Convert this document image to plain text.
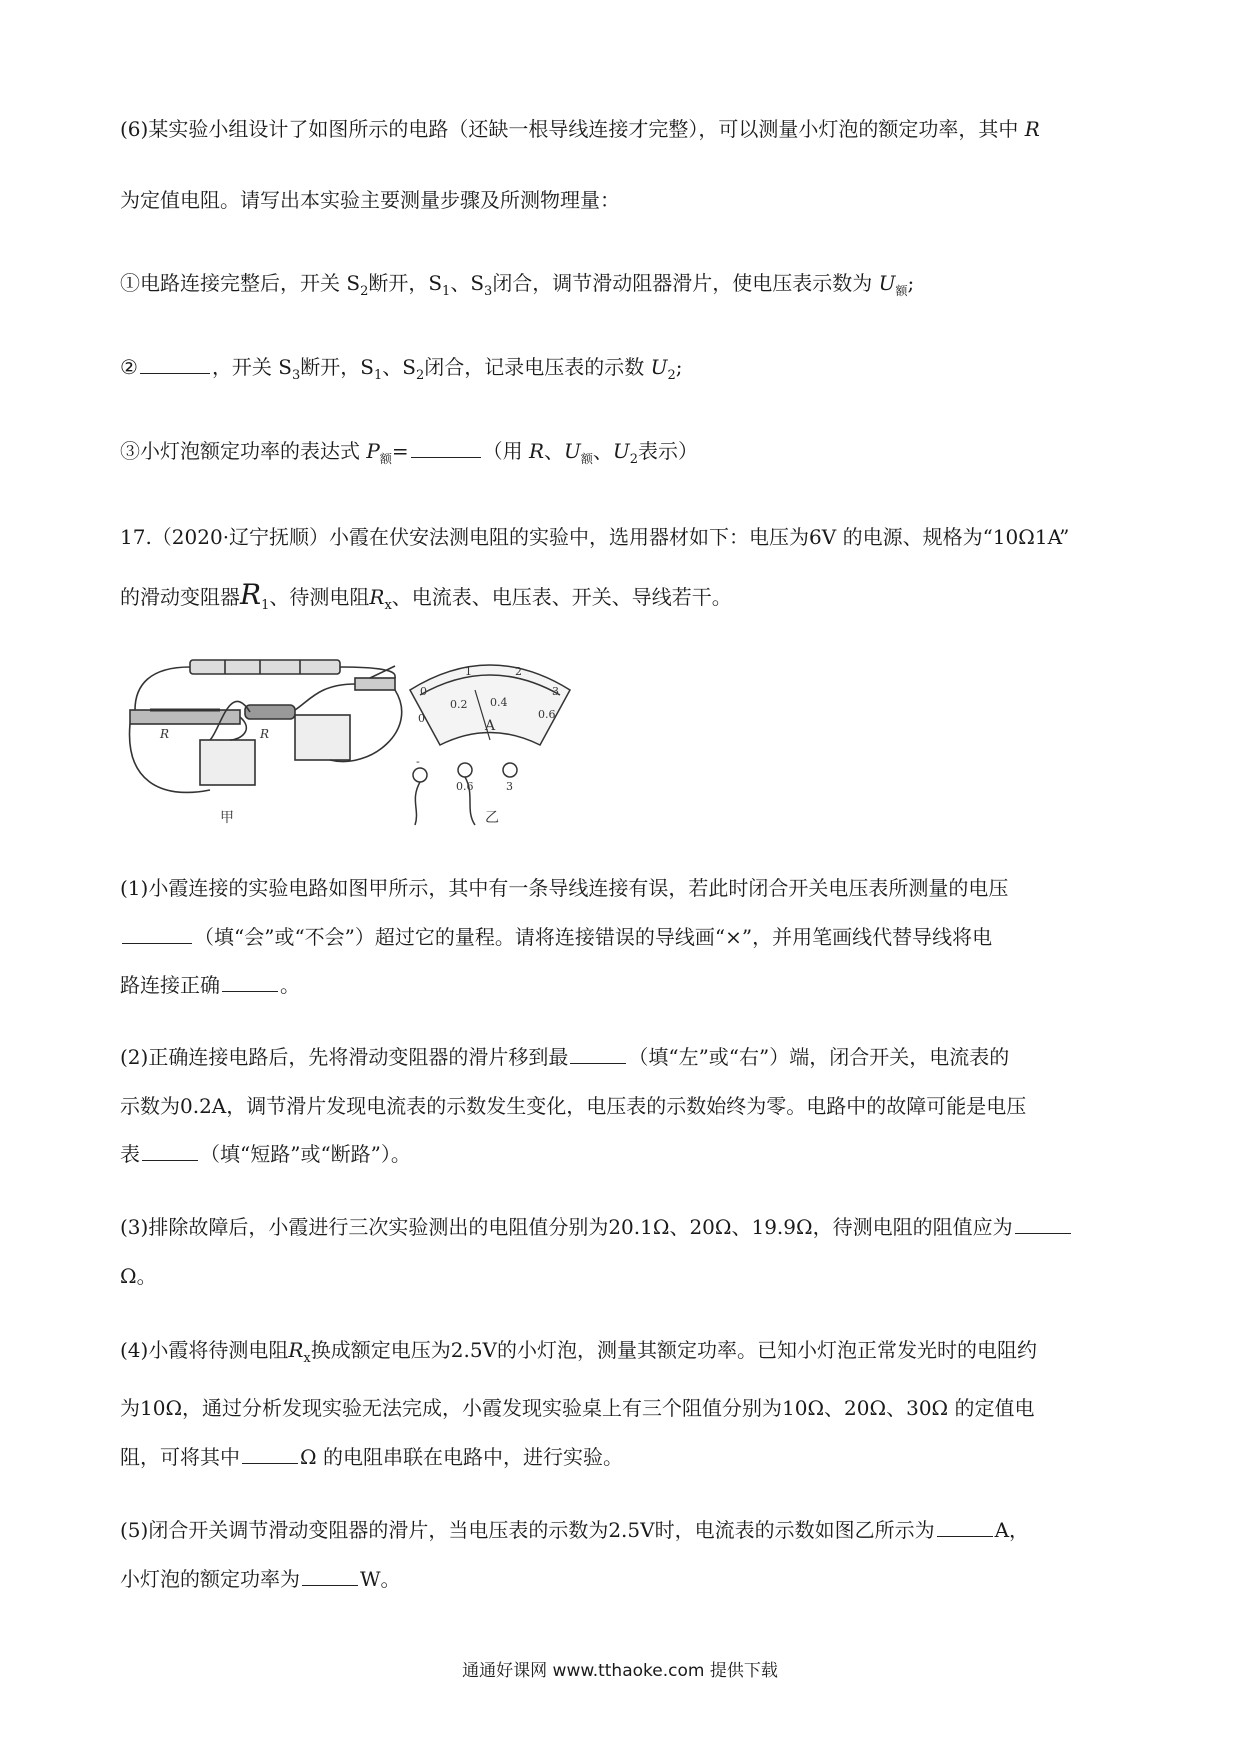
(6)某实验小组设计了如图所示的电路（还缺一根导线连接才完整），可以测量小灯泡的额定功率，其中 R
为定值电阻。请写出本实验主要测量步骤及所测物理量：
①电路连接完整后，开关 $S_2$断开，$S_1$、$S_3$闭合，调节滑动阻器滑片，使电压表示数为 $U_额$;
②	，开关 $S_3$断开，$S_1$、$S_2$闭合，记录电压表的示数 $U_2$;
③小灯泡额定功率的表达式 $P_额=$	（用 R、$U_额$、$U_2$表示）
17.（2020·辽宁抚顺）小霞在伏安法测电阻的实验中，选用器材如下：电压为6V 的电源、规格为“10Ω1A”
的滑动变阻器$R_1$、待测电阻$R_x$、电流表、电压表、开关、导线若干。
R	R
甲
0
0.2 0.4
0.6
0
1	2
3
A
-
0.6	3
乙
(1)小霞连接的实验电路如图甲所示，其中有一条导线连接有误，若此时闭合开关电压表所测量的电压
（填“会”或“不会”）超过它的量程。请将连接错误的导线画“×”，并用笔画线代替导线将电
路连接正确	。
(2)正确连接电路后，先将滑动变阻器的滑片移到最	（填“左”或“右”）端，闭合开关，电流表的
示数为0.2A，调节滑片发现电流表的示数发生变化，电压表的示数始终为零。电路中的故障可能是电压
表	（填“短路”或“断路”）。
(3)排除故障后，小霞进行三次实验测出的电阻值分别为20.1Ω、20Ω、19.9Ω，待测电阻的阻值应为
Ω。
(4)小霞将待测电阻$R_x$换成额定电压为2.5V的小灯泡，测量其额定功率。已知小灯泡正常发光时的电阻约
为10Ω，通过分析发现实验无法完成，小霞发现实验桌上有三个阻值分别为10Ω、20Ω、30Ω 的定值电
阻，可将其中	Ω 的电阻串联在电路中，进行实验。
(5)闭合开关调节滑动变阻器的滑片，当电压表的示数为2.5V时，电流表的示数如图乙所示为	A，
小灯泡的额定功率为	W。
通通好课网 www.tthaoke.com 提供下载
